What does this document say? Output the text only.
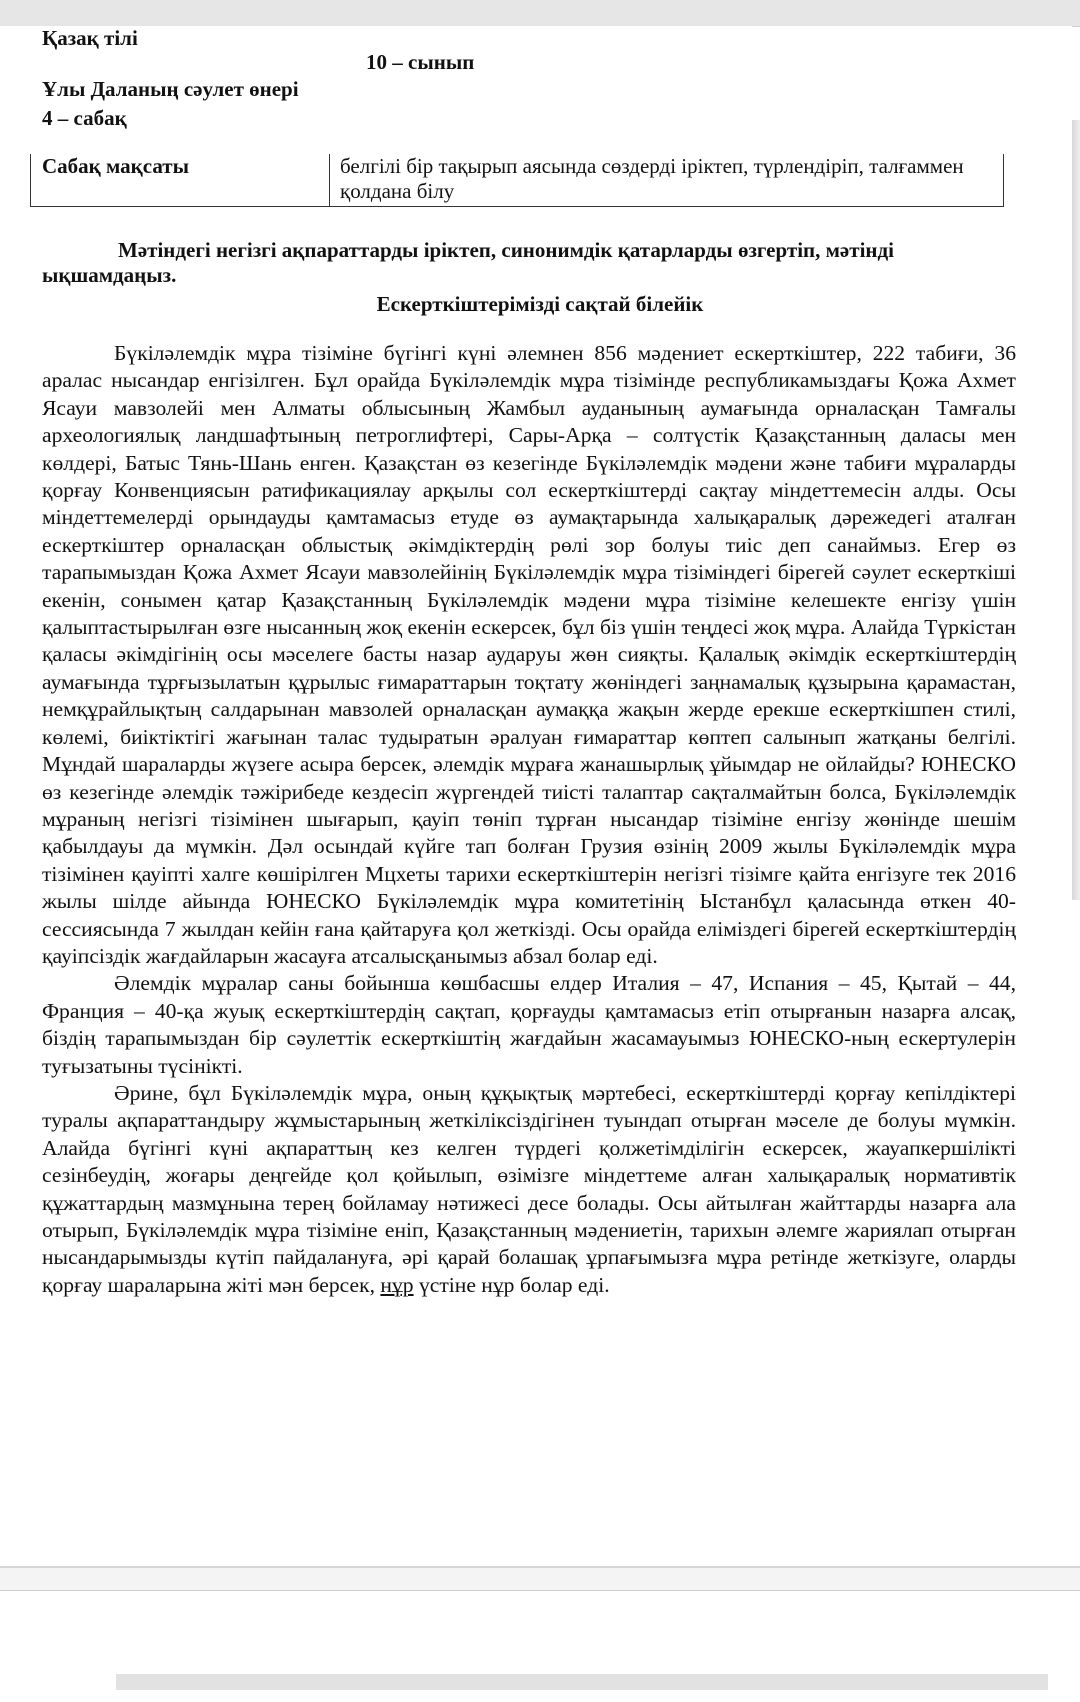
Қазақ тілі
10 – сынып
Ұлы Даланың сәулет өнері
4 – сабақ
Сабақ мақсаты	белгілі бір тақырып аясында сөздерді іріктеп, түрлендіріп, талғаммен қолдана білу

Мәтіндегі негізгі ақпараттарды іріктеп, синонимдік қатарларды өзгертіп, мәтінді ықшамдаңыз.

Ескерткіштерімізді сақтай білейік

Бүкіләлемдік мұра тізіміне бүгінгі күні әлемнен 856 мәдениет ескерткіштер, 222 табиғи, 36 аралас нысандар енгізілген. Бұл орайда Бүкіләлемдік мұра тізімінде республикамыздағы Қожа Ахмет Ясауи мавзолейі мен Алматы облысының Жамбыл ауданының аумағында орналасқан Тамғалы археологиялық ландшафтының петроглифтері, Сары-Арқа – солтүстік Қазақстанның даласы мен көлдері, Батыс Тянь-Шань енген. Қазақстан өз кезегінде Бүкіләлемдік мәдени және табиғи мұраларды қорғау Конвенциясын ратификациялау арқылы сол ескерткіштерді сақтау міндеттемесін алды. Осы міндеттемелерді орындауды қамтамасыз етуде өз аумақтарында халықаралық дәрежедегі аталған ескерткіштер орналасқан облыстық әкімдіктердің рөлі зор болуы тиіс деп санаймыз. Егер өз тарапымыздан Қожа Ахмет Ясауи мавзолейінің Бүкіләлемдік мұра тізіміндегі бірегей сәулет ескерткіші екенін, сонымен қатар Қазақстанның Бүкіләлемдік мәдени мұра тізіміне келешекте енгізу үшін қалыптастырылған өзге нысанның жоқ екенін ескерсек, бұл біз үшін теңдесі жоқ мұра. Алайда Түркістан қаласы әкімдігінің осы мәселеге басты назар аударуы жөн сияқты. Қалалық әкімдік ескерткіштердің аумағында тұрғызылатын құрылыс ғимараттарын тоқтату жөніндегі заңнамалық құзырына қарамастан, немқұрайлықтың салдарынан мавзолей орналасқан аумаққа жақын жерде ерекше ескерткішпен стилі, көлемі, биіктіктігі жағынан талас тудыратын әралуан ғимараттар көптеп салынып жатқаны белгілі. Мұндай шараларды жүзеге асыра берсек, әлемдік мұраға жанашырлық ұйымдар не ойлайды? ЮНЕСКО өз кезегінде әлемдік тәжірибеде кездесіп жүргендей тиісті талаптар сақталмайтын болса, Бүкіләлемдік мұраның негізгі тізімінен шығарып, қауіп төніп тұрған нысандар тізіміне енгізу жөнінде шешім қабылдауы да мүмкін. Дәл осындай күйге тап болған Грузия өзінің 2009 жылы Бүкіләлемдік мұра тізімінен қауіпті халге көшірілген Мцхеты тарихи ескерткіштерін негізгі тізімге қайта енгізуге тек 2016 жылы шілде айында ЮНЕСКО Бүкіләлемдік мұра комитетінің Ыстанбұл қаласында өткен 40-сессиясында 7 жылдан кейін ғана қайтаруға қол жеткізді. Осы орайда еліміздегі бірегей ескерткіштердің қауіпсіздік жағдайларын жасауға атсалысқанымыз абзал болар еді.

Әлемдік мұралар саны бойынша көшбасшы елдер Италия – 47, Испания – 45, Қытай – 44, Франция – 40-қа жуық ескерткіштердің сақтап, қорғауды қамтамасыз етіп отырғанын назарға алсақ, біздің тарапымыздан бір сәулеттік ескерткіштің жағдайын жасамауымыз ЮНЕСКО-ның ескертулерін туғызатыны түсінікті.

Әрине, бұл Бүкіләлемдік мұра, оның құқықтық мәртебесі, ескерткіштерді қорғау кепілдіктері туралы ақпараттандыру жұмыстарының жеткіліксіздігінен туындап отырған мәселе де болуы мүмкін. Алайда бүгінгі күні ақпараттың кез келген түрдегі қолжетімділігін ескерсек, жауапкершілікті сезінбеудің, жоғары деңгейде қол қойылып, өзімізге міндеттеме алған халықаралық нормативтік құжаттардың мазмұнына терең бойламау нәтижесі десе болады. Осы айтылған жайттарды назарға ала отырып, Бүкіләлемдік мұра тізіміне еніп, Қазақстанның мәдениетін, тарихын әлемге жариялап отырған нысандарымызды күтіп пайдалануға, әрі қарай болашақ ұрпағымызға мұра ретінде жеткізуге, оларды қорғау шараларына жіті мән берсек, нұр үстіне нұр болар еді.
